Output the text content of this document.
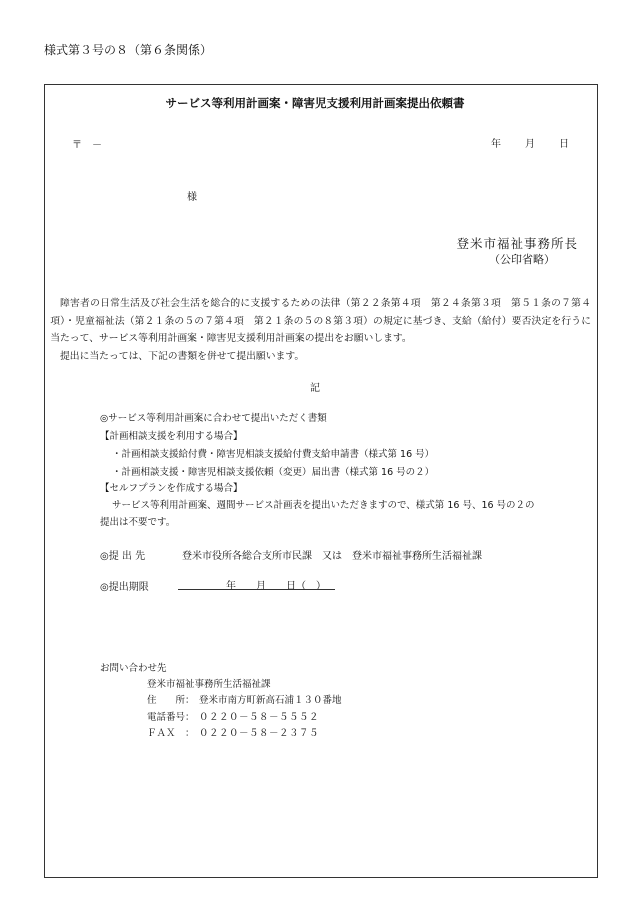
様式第３号の８（第６条関係）
サービス等利用計画案・障害児支援利用計画案提出依頼書
〒　－	年 月 日
様
登米市福祉事務所長
（公印省略）

障害者の日常生活及び社会生活を総合的に支援するための法律（第２２条第４項　第２４条第３項　第５１条の７第４項）・児童福祉法（第２１条の５の７第４項　第２１条の５の８第３項）の規定に基づき、支給（給付）要否決定を行うに当たって、サービス等利用計画案・障害児支援利用計画案の提出をお願いします。

提出に当たっては、下記の書類を併せて提出願います。

記
◎サービス等利用計画案に合わせて提出いただく書類
【計画相談支援を利用する場合】
・計画相談支援給付費・障害児相談支援給付費支給申請書（様式第 16 号）
・計画相談支援・障害児相談支援依頼（変更）届出書（様式第 16 号の２）
【セルフプランを作成する場合】
サービス等利用計画案、週間サービス計画表を提出いただきますので、様式第 16 号、16 号の２の
提出は不要です。
◎提 出 先	登米市役所各総合支所市民課　又は　登米市福祉事務所生活福祉課
◎提出期限	年　　月　　日（　）
お問い合わせ先
登米市福祉事務所生活福祉課
住　　所： 登米市南方町新高石浦１３０番地
電話番号： ０２２０－５８－５５５２
ＦＡＸ　： ０２２０－５８－２３７５
